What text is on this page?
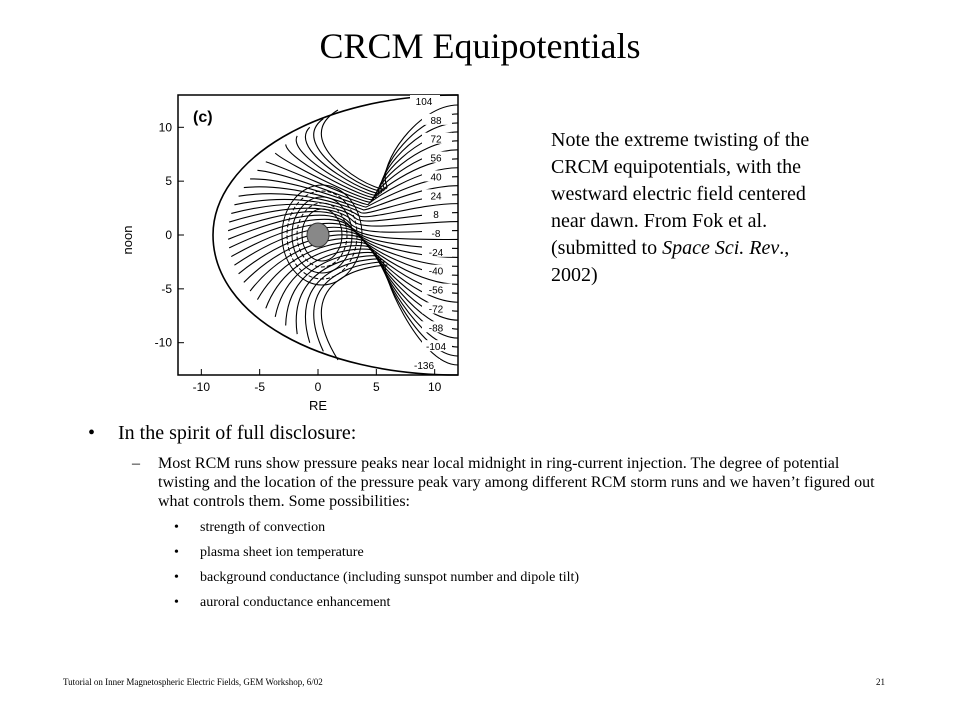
CRCM Equipotentials
(c)
104
88
72
56
40
24
8
-8
-24
-40
-56
-72
-88
-104
-136
10
5
0
-5
-10
-10	-5	0	5	10
RE
noon
Note the extreme twisting of the
CRCM equipotentials, with the
westward electric field centered
near dawn. From Fok et al.
(submitted to Space Sci. Rev.,
2002)
• In the spirit of full disclosure:
– Most RCM runs show pressure peaks near local midnight in ring-current injection. The degree of potential twisting and the location of the pressure peak vary among different RCM storm runs and we haven’t figured out what controls them. Some possibilities:
• strength of convection
• plasma sheet ion temperature
• background conductance (including sunspot number and dipole tilt)
• auroral conductance enhancement
Tutorial on Inner Magnetospheric Electric Fields, GEM Workshop, 6/02	21
